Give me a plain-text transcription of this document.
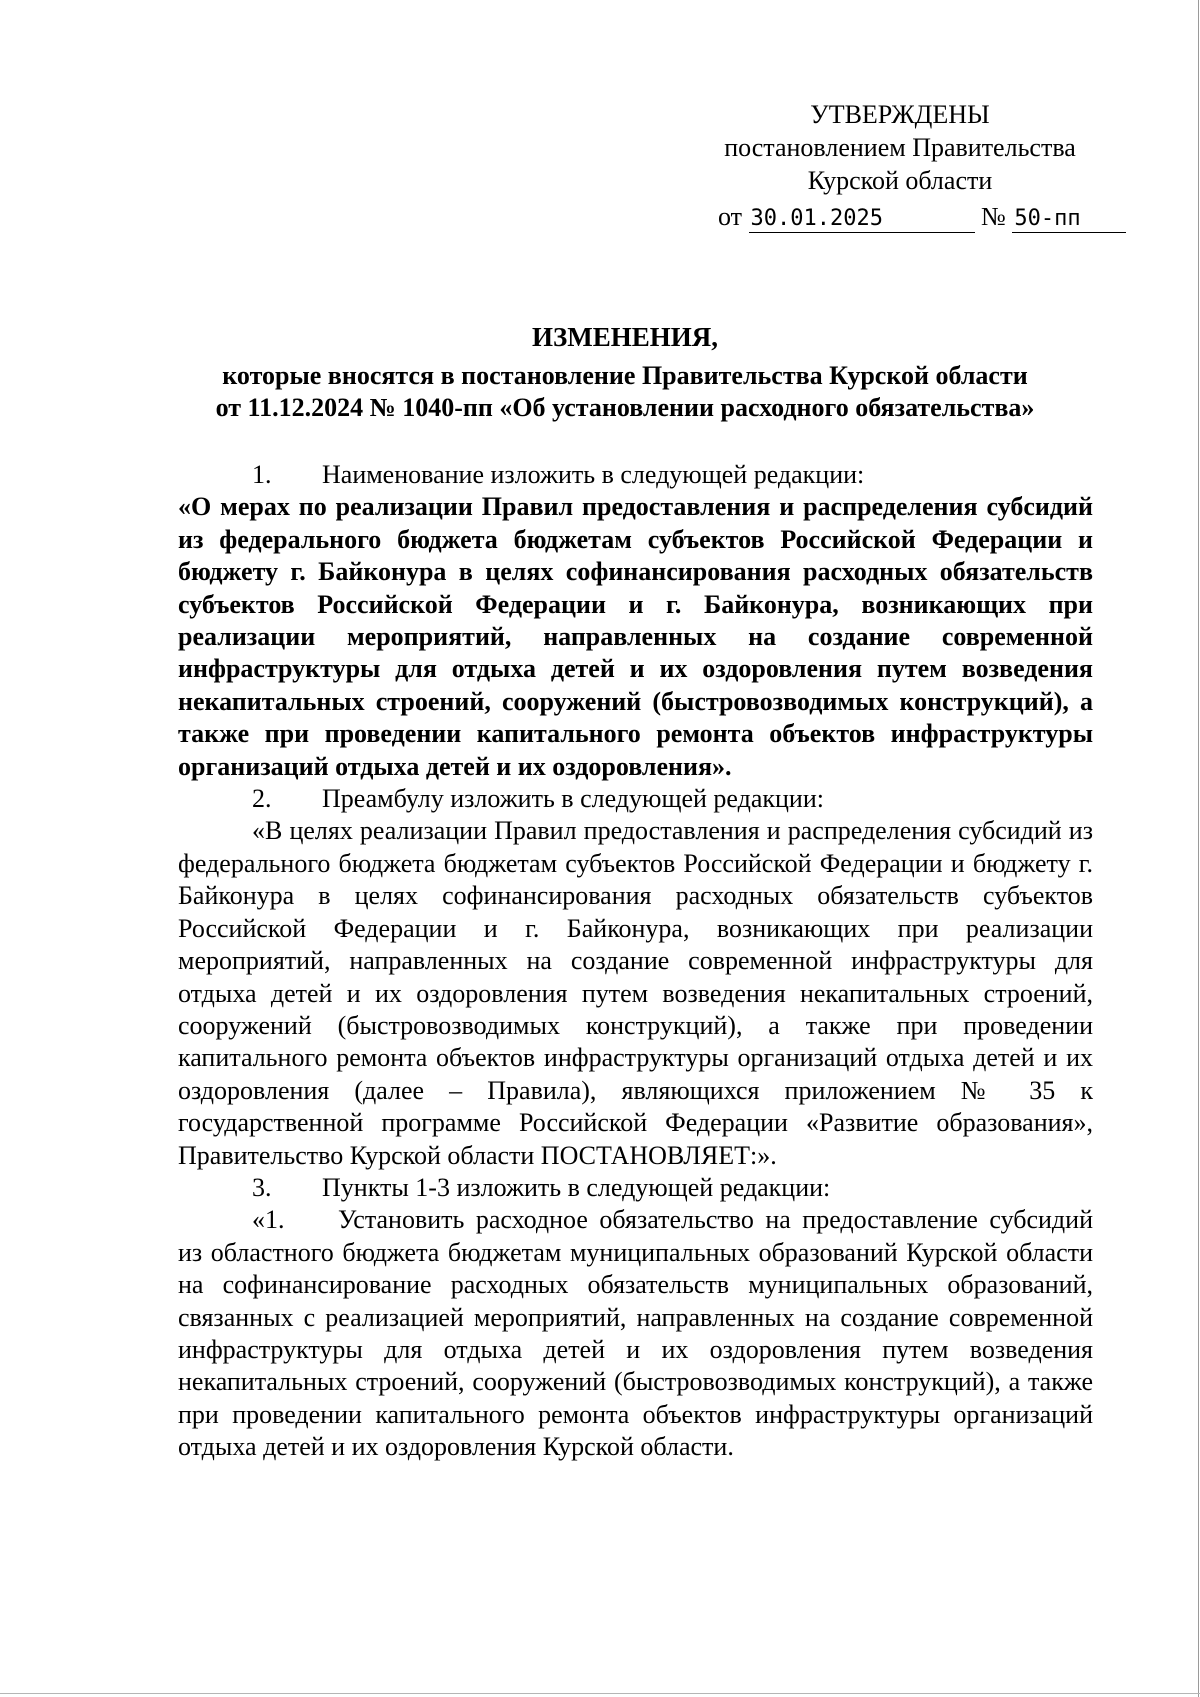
УТВЕРЖДЕНЫ
постановлением Правительства
Курской области
от 30.01.2025	№ 50-пп
ИЗМЕНЕНИЯ,
которые вносятся в постановление Правительства Курской области
от 11.12.2024 № 1040-пп «Об установлении расходного обязательства»

1. Наименование изложить в следующей редакции:

«О мерах по реализации Правил предоставления и распределения субсидий из федерального бюджета бюджетам субъектов Российской Федерации и бюджету г. Байконура в целях софинансирования расходных обязательств субъектов Российской Федерации и г. Байконура, возникающих при реализации мероприятий, направленных на создание современной инфраструктуры для отдыха детей и их оздоровления путем возведения некапитальных строений, сооружений (быстровозводимых конструкций), а также при проведении капитального ремонта объектов инфраструктуры организаций отдыха детей и их оздоровления».

2. Преамбулу изложить в следующей редакции:

«В целях реализации Правил предоставления и распределения субсидий из федерального бюджета бюджетам субъектов Российской Федерации и бюджету г. Байконура в целях софинансирования расходных обязательств субъектов Российской Федерации и г. Байконура, возникающих при реализации мероприятий, направленных на создание современной инфраструктуры для отдыха детей и их оздоровления путем возведения некапитальных строений, сооружений (быстровозводимых конструкций), а также при проведении капитального ремонта объектов инфраструктуры организаций отдыха детей и их оздоровления (далее – Правила), являющихся приложением № 35 к государственной программе Российской Федерации «Развитие образования», Правительство Курской области ПОСТАНОВЛЯЕТ:».

3. Пункты 1-3 изложить в следующей редакции:

«1. Установить расходное обязательство на предоставление субсидий из областного бюджета бюджетам муниципальных образований Курской области на софинансирование расходных обязательств муниципальных образований, связанных с реализацией мероприятий, направленных на создание современной инфраструктуры для отдыха детей и их оздоровления путем возведения некапитальных строений, сооружений (быстровозводимых конструкций), а также при проведении капитального ремонта объектов инфраструктуры организаций отдыха детей и их оздоровления Курской области.
